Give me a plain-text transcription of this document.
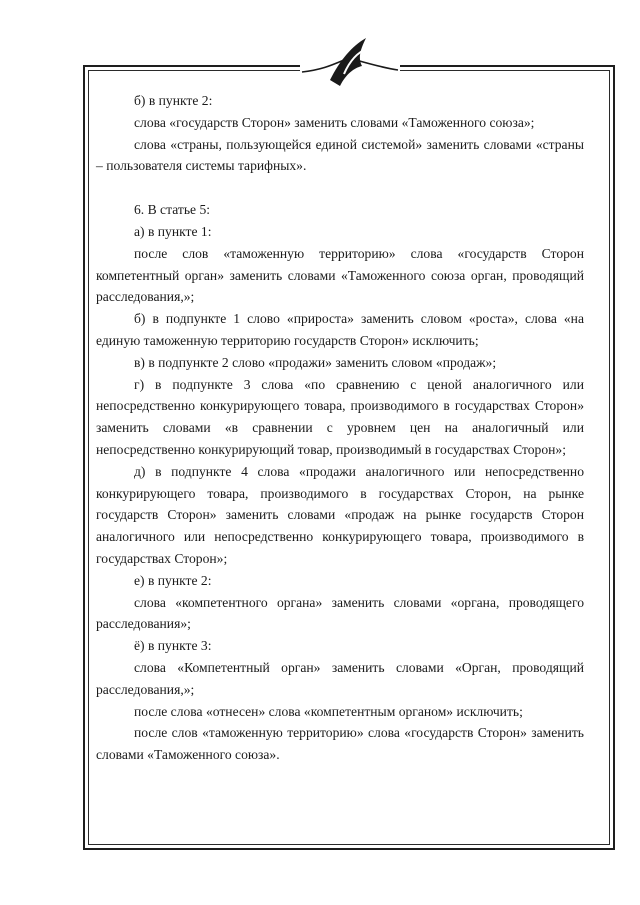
б) в пункте 2:

слова «государств Сторон» заменить словами «Таможенного союза»;

слова «страны, пользующейся единой системой» заменить словами «страны – пользователя системы тарифных».

6. В статье 5:

а) в пункте 1:

после слов «таможенную территорию» слова «государств Сторон компетентный орган» заменить словами «Таможенного союза орган, проводящий расследования,»;

б) в подпункте 1 слово «прироста» заменить словом «роста», слова «на единую таможенную территорию государств Сторон» исключить;

в) в подпункте 2 слово «продажи» заменить словом «продаж»;

г) в подпункте 3 слова «по сравнению с ценой аналогичного или непосредственно конкурирующего товара, производимого в государствах Сторон» заменить словами «в сравнении с уровнем цен на аналогичный или непосредственно конкурирующий товар, производимый в государствах Сторон»;

д) в подпункте 4 слова «продажи аналогичного или непосредственно конкурирующего товара, производимого в государствах Сторон, на рынке государств Сторон» заменить словами «продаж на рынке государств Сторон аналогичного или непосредственно конкурирующего товара, производимого в государствах Сторон»;

е) в пункте 2:

слова «компетентного органа» заменить словами «органа, проводящего расследования»;

ё) в пункте 3:

слова «Компетентный орган» заменить словами «Орган, проводящий расследования,»;

после слова «отнесен» слова «компетентным органом» исключить;

после слов «таможенную территорию» слова «государств Сторон» заменить словами «Таможенного союза».
